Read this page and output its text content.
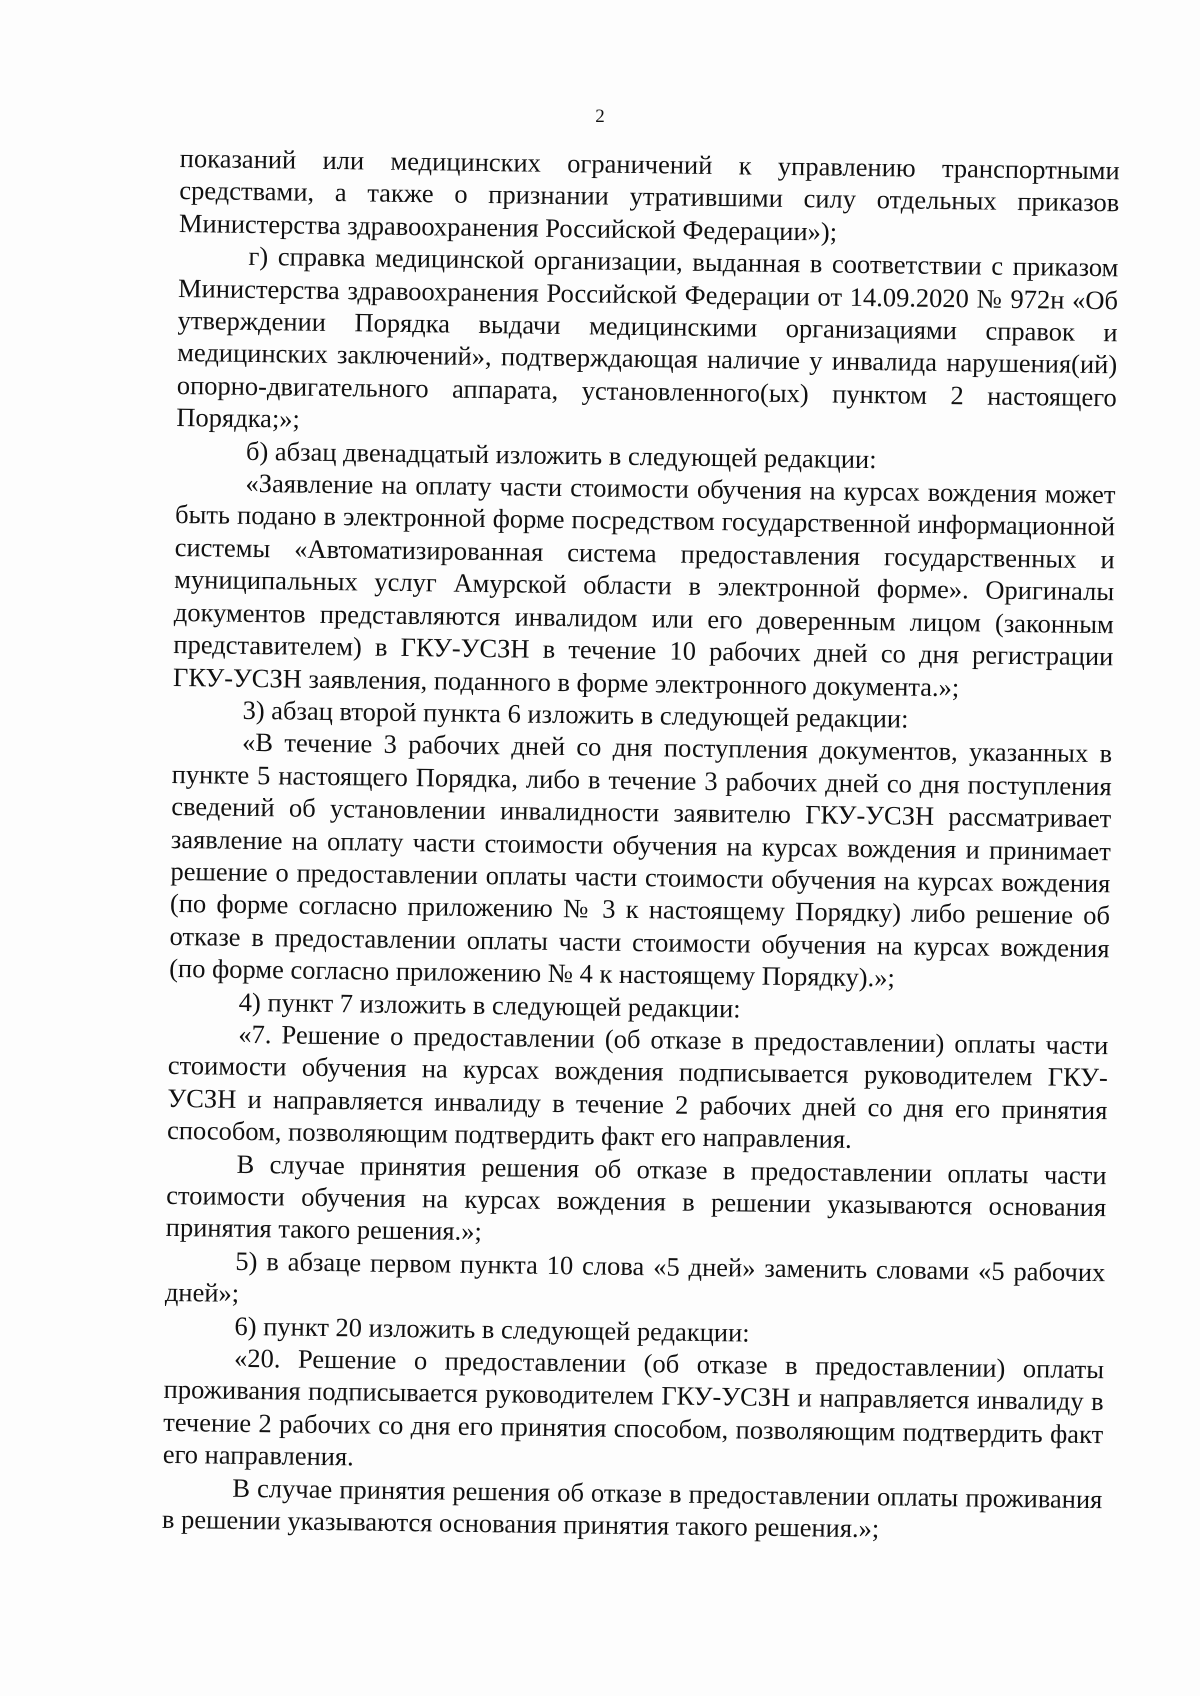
2

показаний или медицинских ограничений к управлению транспортными средствами, а также о признании утратившими силу отдельных приказов Министерства здравоохранения Российской Федерации»);

г) справка медицинской организации, выданная в соответствии с приказом Министерства здравоохранения Российской Федерации от 14.09.2020 № 972н «Об утверждении Порядка выдачи медицинскими организациями справок и медицинских заключений», подтверждающая наличие у инвалида нарушения(ий) опорно-двигательного аппарата, установленного(ых) пунктом 2 настоящего Порядка;»;

б) абзац двенадцатый изложить в следующей редакции:

«Заявление на оплату части стоимости обучения на курсах вождения может быть подано в электронной форме посредством государственной информационной системы «Автоматизированная система предоставления государственных и муниципальных услуг Амурской области в электронной форме». Оригиналы документов представляются инвалидом или его доверенным лицом (законным представителем) в ГКУ-УСЗН в течение 10 рабочих дней со дня регистрации ГКУ-УСЗН заявления, поданного в форме электронного документа.»;

3) абзац второй пункта 6 изложить в следующей редакции:

«В течение 3 рабочих дней со дня поступления документов, указанных в пункте 5 настоящего Порядка, либо в течение 3 рабочих дней со дня поступления сведений об установлении инвалидности заявителю ГКУ-УСЗН рассматривает заявление на оплату части стоимости обучения на курсах вождения и принимает решение о предоставлении оплаты части стоимости обучения на курсах вождения (по форме согласно приложению № 3 к настоящему Порядку) либо решение об отказе в предоставлении оплаты части стоимости обучения на курсах вождения (по форме согласно приложению № 4 к настоящему Порядку).»;

4) пункт 7 изложить в следующей редакции:

«7. Решение о предоставлении (об отказе в предоставлении) оплаты части стоимости обучения на курсах вождения подписывается руководителем ГКУ-УСЗН и направляется инвалиду в течение 2 рабочих дней со дня его принятия способом, позволяющим подтвердить факт его направления.

В случае принятия решения об отказе в предоставлении оплаты части стоимости обучения на курсах вождения в решении указываются основания принятия такого решения.»;

5) в абзаце первом пункта 10 слова «5 дней» заменить словами «5 рабочих дней»;

6) пункт 20 изложить в следующей редакции:

«20. Решение о предоставлении (об отказе в предоставлении) оплаты проживания подписывается руководителем ГКУ-УСЗН и направляется инвалиду в течение 2 рабочих со дня его принятия способом, позволяющим подтвердить факт его направления.

В случае принятия решения об отказе в предоставлении оплаты проживания в решении указываются основания принятия такого решения.»;
